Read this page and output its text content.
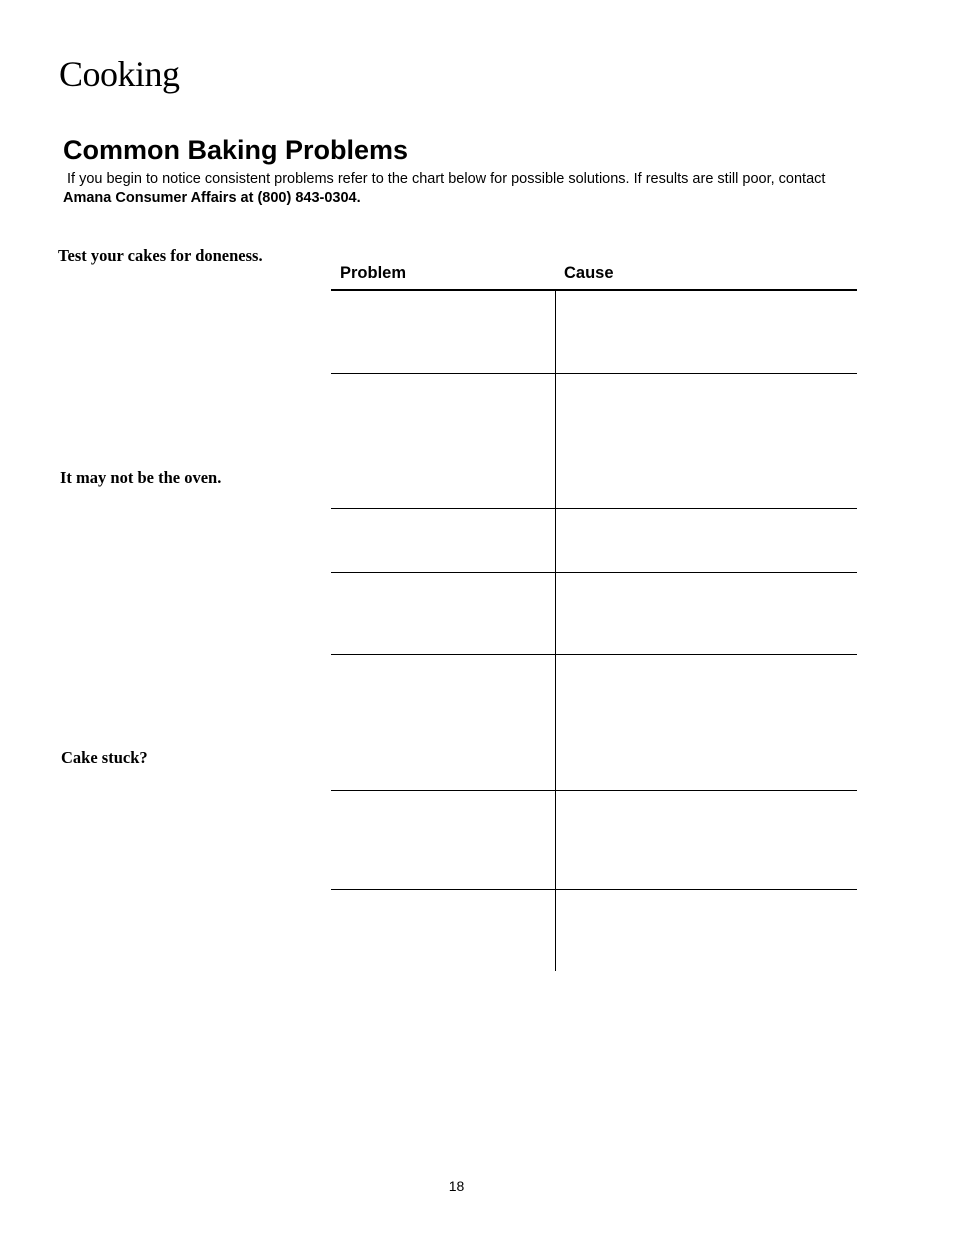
Cooking
Common Baking Problems

If you begin to notice consistent problems refer to the chart below for possible solutions. If results are still poor, contact Amana Consumer Affairs at (800) 843-0304.

Test your cakes for doneness.

It may not be the oven.

Cake stuck?

Problem	Cause
18
